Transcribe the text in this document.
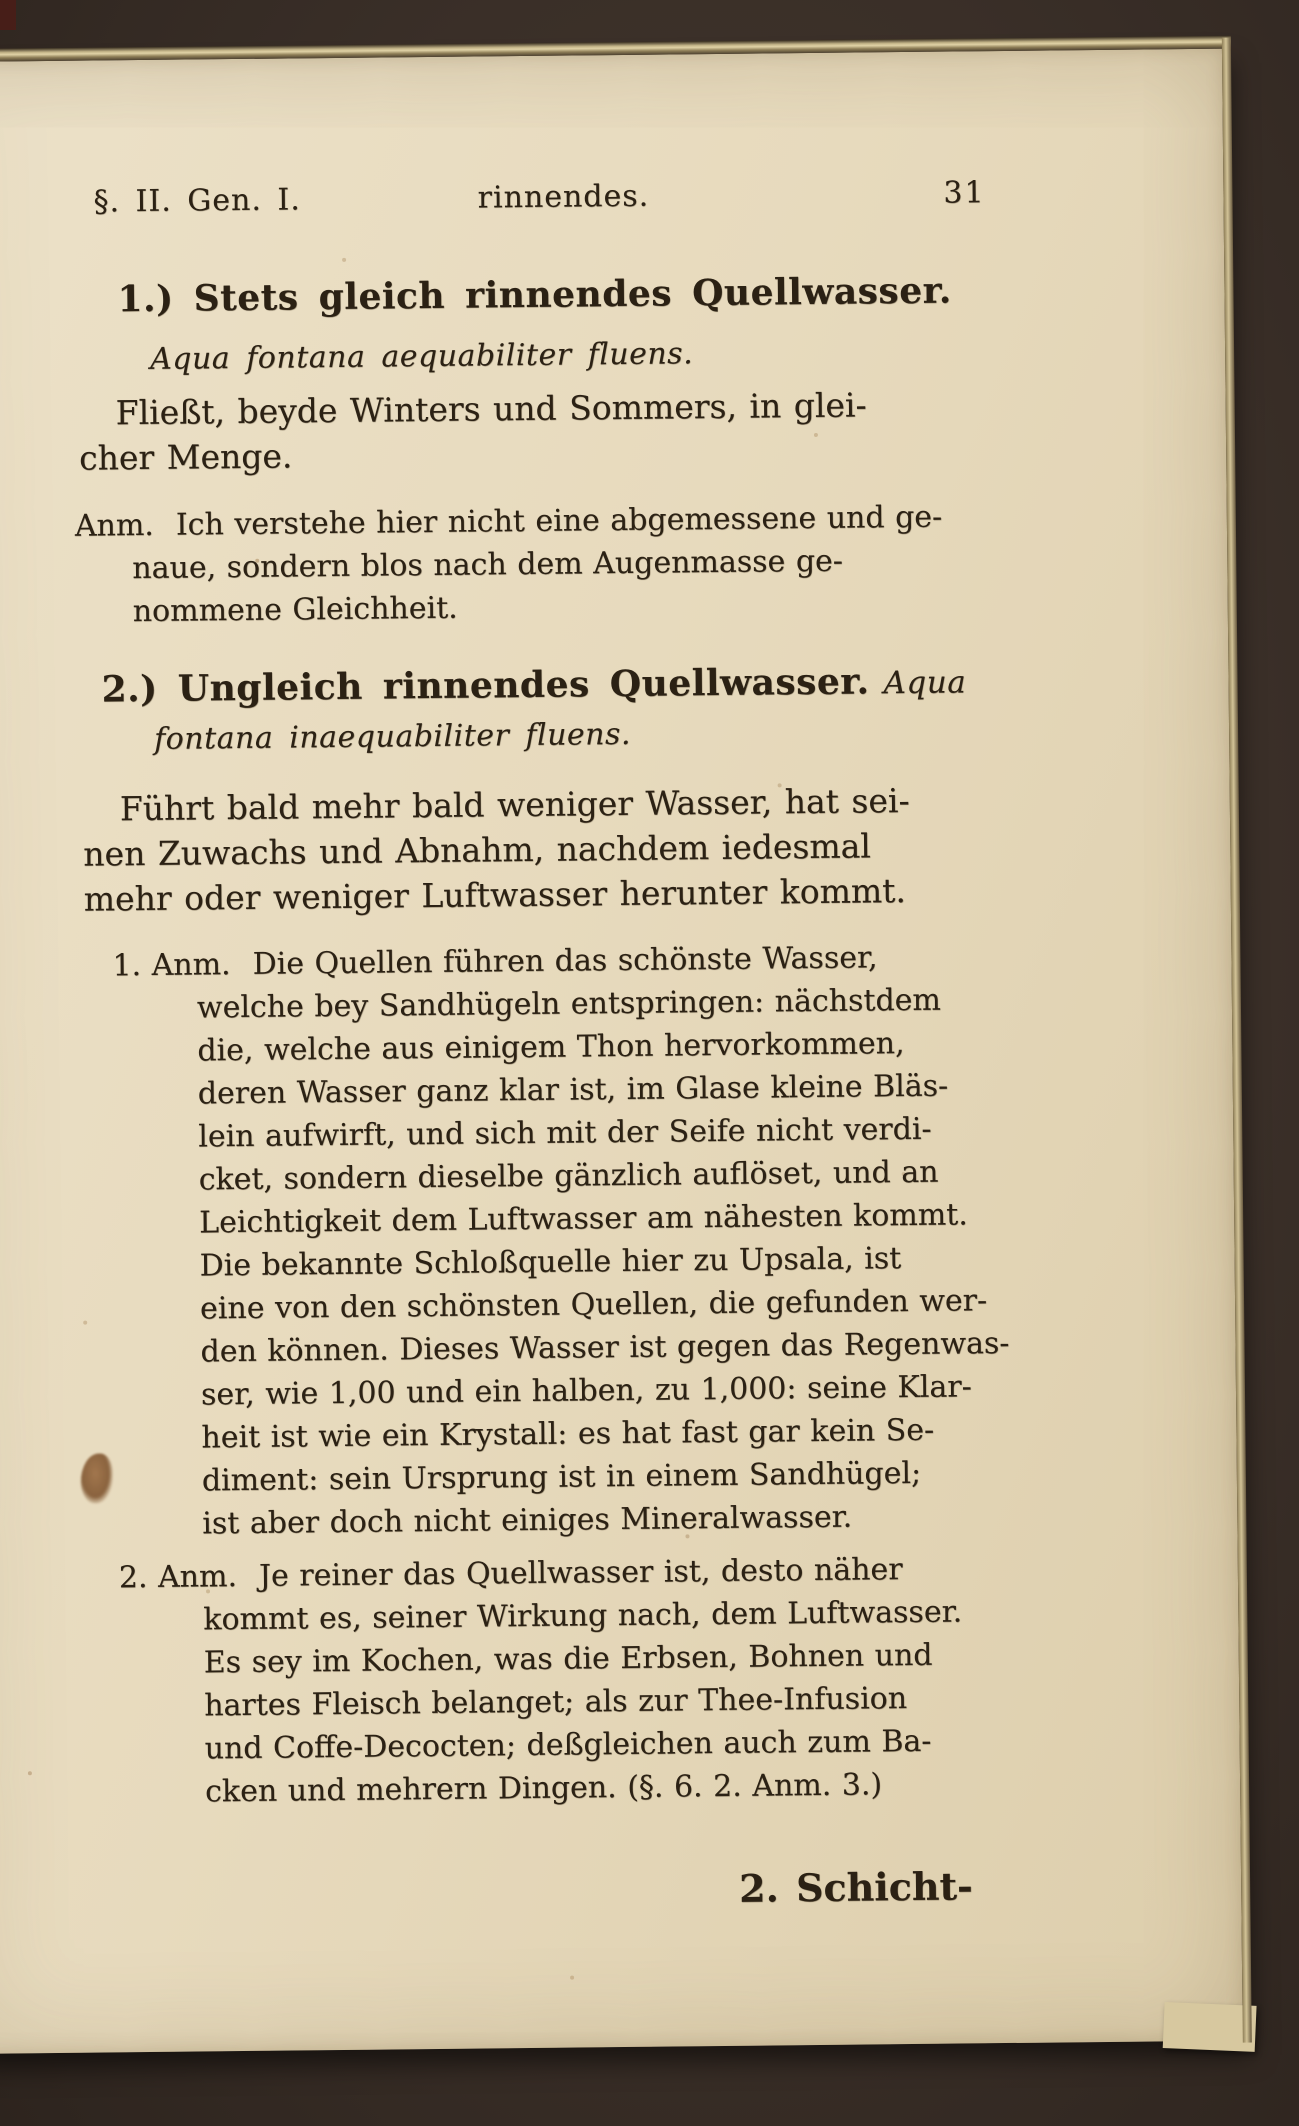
§. II. Gen. I.	rinnendes.	31
1.) Stets gleich rinnendes Quellwasser.
Aqua fontana aequabiliter fluens.
Fließt, beyde Winters und Sommers, in glei-
cher Menge.
Anm. Ich verstehe hier nicht eine abgemessene und ge-
naue, sondern blos nach dem Augenmasse ge-
nommene Gleichheit.
2.) Ungleich rinnendes Quellwasser. Aqua
fontana inaequabiliter fluens.
Führt bald mehr bald weniger Wasser, hat sei-
nen Zuwachs und Abnahm, nachdem iedesmal
mehr oder weniger Luftwasser herunter kommt.
1. Anm. Die Quellen führen das schönste Wasser,
welche bey Sandhügeln entspringen: nächstdem
die, welche aus einigem Thon hervorkommen,
deren Wasser ganz klar ist, im Glase kleine Bläs-
lein aufwirft, und sich mit der Seife nicht verdi-
cket, sondern dieselbe gänzlich auflöset, und an
Leichtigkeit dem Luftwasser am nähesten kommt.
Die bekannte Schloßquelle hier zu Upsala, ist
eine von den schönsten Quellen, die gefunden wer-
den können. Dieses Wasser ist gegen das Regenwas-
ser, wie 1,00 und ein halben, zu 1,000: seine Klar-
heit ist wie ein Krystall: es hat fast gar kein Se-
diment: sein Ursprung ist in einem Sandhügel;
ist aber doch nicht einiges Mineralwasser.
2. Anm. Je reiner das Quellwasser ist, desto näher
kommt es, seiner Wirkung nach, dem Luftwasser.
Es sey im Kochen, was die Erbsen, Bohnen und
hartes Fleisch belanget; als zur Thee-Infusion
und Coffe-Decocten; deßgleichen auch zum Ba-
cken und mehrern Dingen. (§. 6. 2. Anm. 3.)
2. Schicht-
